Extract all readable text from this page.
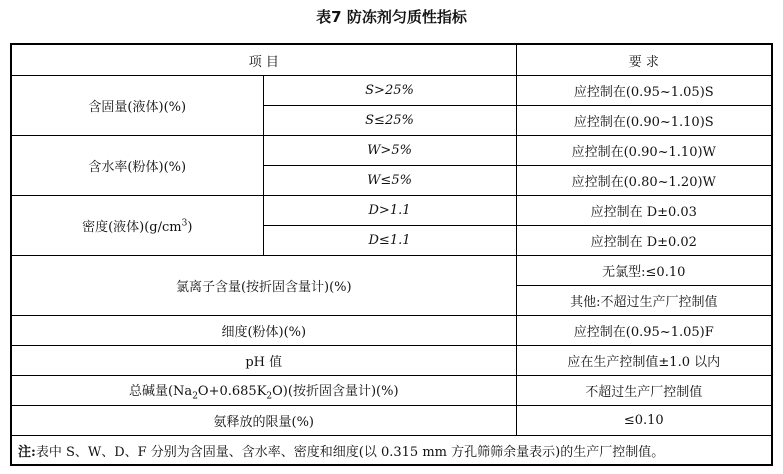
表7 防冻剂匀质性指标
项 目		要 求
含固量(液体)(%)	S>25%	应控制在(0.95~1.05)S
	S≤25%	应控制在(0.90~1.10)S
含水率(粉体)(%)	W>5%	应控制在(0.90~1.10)W
	W≤5%	应控制在(0.80~1.20)W
密度(液体)$(g/cm^3)$	D>1.1	应控制在 D±0.03
	D≤1.1	应控制在 D±0.02
氯离子含量(按折固含量计)(%)		无氯型:≤0.10
		其他:不超过生产厂控制值
细度(粉体)(%)		应控制在(0.95~1.05)F
pH 值		应在生产控制值±1.0 以内
总碱量$(Na_2O+0.685K_2O)$(按折固含量计)(%)		不超过生产厂控制值
氨释放的限量(%)		≤0.10
注:表中 S、W、D、F 分别为含固量、含水率、密度和细度(以 0.315 mm 方孔筛筛余量表示)的生产厂控制值。		
